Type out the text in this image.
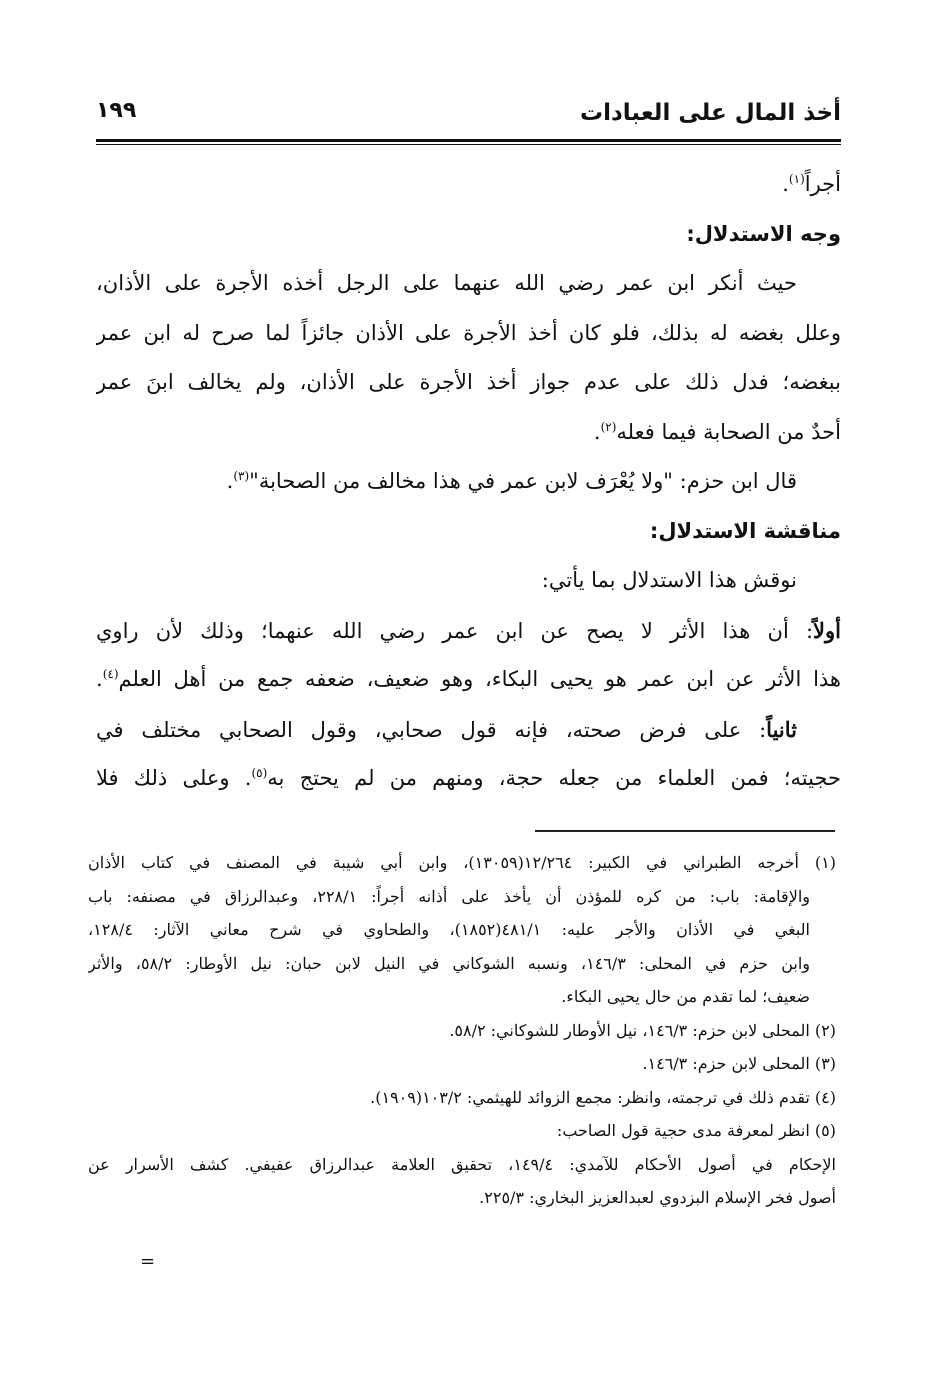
أخذ المال على العبادات
١٩٩
أجراً$^{(١)}$.
وجه الاستدلال:
حيث أنكر ابن عمر رضي الله عنهما على الرجل أخذه الأجرة على الأذان،
وعلل بغضه له بذلك، فلو كان أخذ الأجرة على الأذان جائزاً لما صرح له ابن عمر
ببغضه؛ فدل ذلك على عدم جواز أخذ الأجرة على الأذان، ولم يخالف ابنَ عمر
أحدٌ من الصحابة فيما فعله$^{(٢)}$.
قال ابن حزم: "ولا يُعْرَف لابن عمر في هذا مخالف من الصحابة"$^{(٣)}$.
مناقشة الاستدلال:
نوقش هذا الاستدلال بما يأتي:
أولاً: أن هذا الأثر لا يصح عن ابن عمر رضي الله عنهما؛ وذلك لأن راوي
هذا الأثر عن ابن عمر هو يحيى البكاء، وهو ضعيف، ضعفه جمع من أهل العلم$^{(٤)}$.
ثانياً: على فرض صحته، فإنه قول صحابي، وقول الصحابي مختلف في
حجيته؛ فمن العلماء من جعله حجة، ومنهم من لم يحتج به$^{(٥)}$. وعلى ذلك فلا
(١) أخرجه الطبراني في الكبير: ١٢/٢٦٤(١٣٠٥٩)، وابن أبي شيبة في المصنف في كتاب الأذان
والإقامة: باب: من كره للمؤذن أن يأخذ على أذانه أجراً: ٢٢٨/١، وعبدالرزاق في مصنفه: باب
البغي في الأذان والأجر عليه: ٤٨١/١(١٨٥٢)، والطحاوي في شرح معاني الآثار: ١٢٨/٤،
وابن حزم في المحلى: ١٤٦/٣، ونسبه الشوكاني في النيل لابن حبان: نيل الأوطار: ٥٨/٢، والأثر
ضعيف؛ لما تقدم من حال يحيى البكاء.
(٢) المحلى لابن حزم: ١٤٦/٣، نيل الأوطار للشوكاني: ٥٨/٢.
(٣) المحلى لابن حزم: ١٤٦/٣.
(٤) تقدم ذلك في ترجمته، وانظر: مجمع الزوائد للهيثمي: ١٠٣/٢(١٩٠٩).
(٥) انظر لمعرفة مدى حجية قول الصاحب:
الإحكام في أصول الأحكام للآمدي: ١٤٩/٤، تحقيق العلامة عبدالرزاق عفيفي. كشف الأسرار عن
أصول فخر الإسلام البزدوي لعبدالعزيز البخاري: ٢٢٥/٣.
=
